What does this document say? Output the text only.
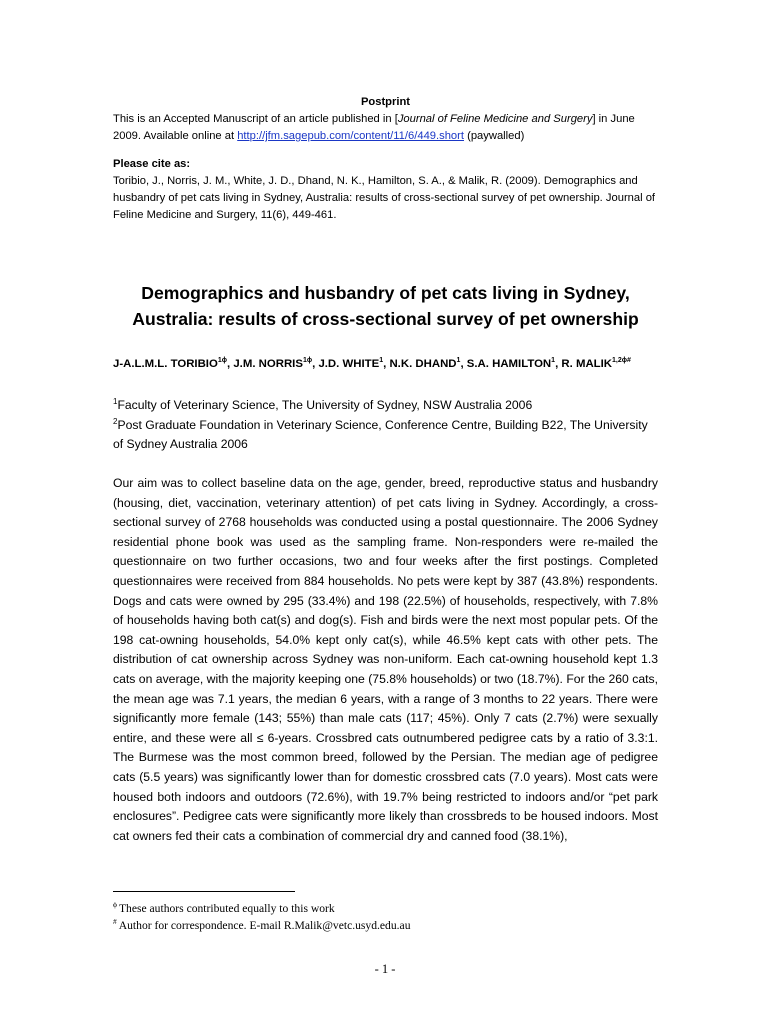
Postprint
This is an Accepted Manuscript of an article published in [Journal of Feline Medicine and Surgery] in June 2009. Available online at http://jfm.sagepub.com/content/11/6/449.short (paywalled)
Please cite as:
Toribio, J., Norris, J. M., White, J. D., Dhand, N. K., Hamilton, S. A., & Malik, R. (2009). Demographics and husbandry of pet cats living in Sydney, Australia: results of cross-sectional survey of pet ownership. Journal of Feline Medicine and Surgery, 11(6), 449-461.
Demographics and husbandry of pet cats living in Sydney, Australia: results of cross-sectional survey of pet ownership
J-A.L.M.L. $TORIBIO^{1\phi}$, J.M. $NORRIS^{1\phi}$, J.D. WHITE$^1$, N.K. DHAND$^1$, S.A. HAMILTON$^1$, R. $MALIK^{1,2\phi\#}$
$^1$Faculty of Veterinary Science, The University of Sydney, NSW Australia 2006
$^2$Post Graduate Foundation in Veterinary Science, Conference Centre, Building B22, The University of Sydney Australia 2006

Our aim was to collect baseline data on the age, gender, breed, reproductive status and husbandry (housing, diet, vaccination, veterinary attention) of pet cats living in Sydney. Accordingly, a cross-sectional survey of 2768 households was conducted using a postal questionnaire. The 2006 Sydney residential phone book was used as the sampling frame. Non-responders were re-mailed the questionnaire on two further occasions, two and four weeks after the first postings. Completed questionnaires were received from 884 households. No pets were kept by 387 (43.8%) respondents. Dogs and cats were owned by 295 (33.4%) and 198 (22.5%) of households, respectively, with 7.8% of households having both cat(s) and dog(s). Fish and birds were the next most popular pets. Of the 198 cat-owning households, 54.0% kept only cat(s), while 46.5% kept cats with other pets. The distribution of cat ownership across Sydney was non-uniform. Each cat-owning household kept 1.3 cats on average, with the majority keeping one (75.8% households) or two (18.7%). For the 260 cats, the mean age was 7.1 years, the median 6 years, with a range of 3 months to 22 years. There were significantly more female (143; 55%) than male cats (117; 45%). Only 7 cats (2.7%) were sexually entire, and these were all ≤ 6-years. Crossbred cats outnumbered pedigree cats by a ratio of 3.3:1. The Burmese was the most common breed, followed by the Persian. The median age of pedigree cats (5.5 years) was significantly lower than for domestic crossbred cats (7.0 years). Most cats were housed both indoors and outdoors (72.6%), with 19.7% being restricted to indoors and/or “pet park enclosures”. Pedigree cats were significantly more likely than crossbreds to be housed indoors. Most cat owners fed their cats a combination of commercial dry and canned food (38.1%),

$^\phi$ These authors contributed equally to this work
# Author for correspondence. E-mail R.Malik@vetc.usyd.edu.au
- 1 -
